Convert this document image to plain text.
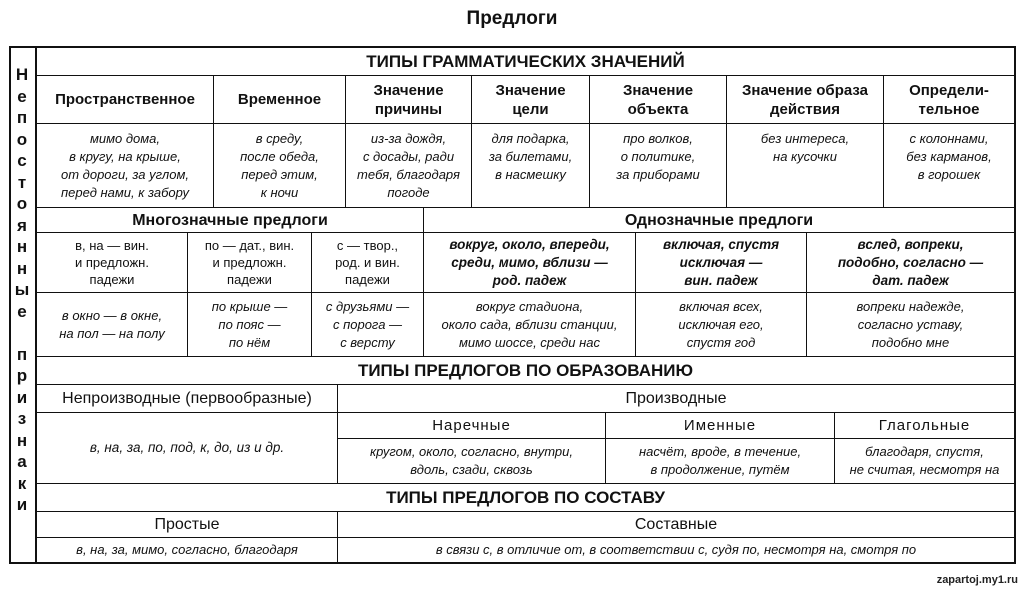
Предлоги
Н
е
п
о
с
т
о
я
н
н
ы
е
п
р
и
з
н
а
к
и
ТИПЫ ГРАММАТИЧЕСКИХ ЗНАЧЕНИЙ
Пространственное	Временное
Значение
причины
Значение
цели
Значение
объекта
Значение образа
действия
Определи-
тельное
мимо дома,
в кругу, на крыше,
от дороги, за углом,
перед нами, к забору
в среду,
после обеда,
перед этим,
к ночи
из-за дождя,
с досады, ради
тебя, благодаря
погоде
для подарка,
за билетами,
в насмешку
про волков,
о политике,
за приборами
без интереса,
на кусочки
с колоннами,
без карманов,
в горошек
Многозначные предлоги	Однозначные предлоги
в, на — вин.
и предложн.
падежи
в окно — в окне,
на пол — на полу
по — дат., вин.
и предложн.
падежи
по крыше —
по пояс —
по нём
с — твор.,
род. и вин.
падежи
с друзьями —
с порога —
с версту
вокруг, около, впереди,
среди, мимо, вблизи —
род. падеж
вокруг стадиона,
около сада, вблизи станции,
мимо шоссе, среди нас
включая, спустя
исключая —
вин. падеж
включая всех,
исключая его,
спустя год
вслед, вопреки,
подобно, согласно —
дат. падеж
вопреки надежде,
согласно уставу,
подобно мне
ТИПЫ ПРЕДЛОГОВ ПО ОБРАЗОВАНИЮ
Непроизводные (первообразные)
в, на, за, по, под, к, до, из и др.
Производные
Наречные
кругом, около, согласно, внутри,
вдоль, сзади, сквозь
Именные
насчёт, вроде, в течение,
в продолжение, путём
Глагольные
благодаря, спустя,
не считая, несмотря на
ТИПЫ ПРЕДЛОГОВ ПО СОСТАВУ
Простые
в, на, за, мимо, согласно, благодаря
Составные
в связи с, в отличие от, в соответствии с, судя по, несмотря на, смотря по
zapartoj.my1.ru
